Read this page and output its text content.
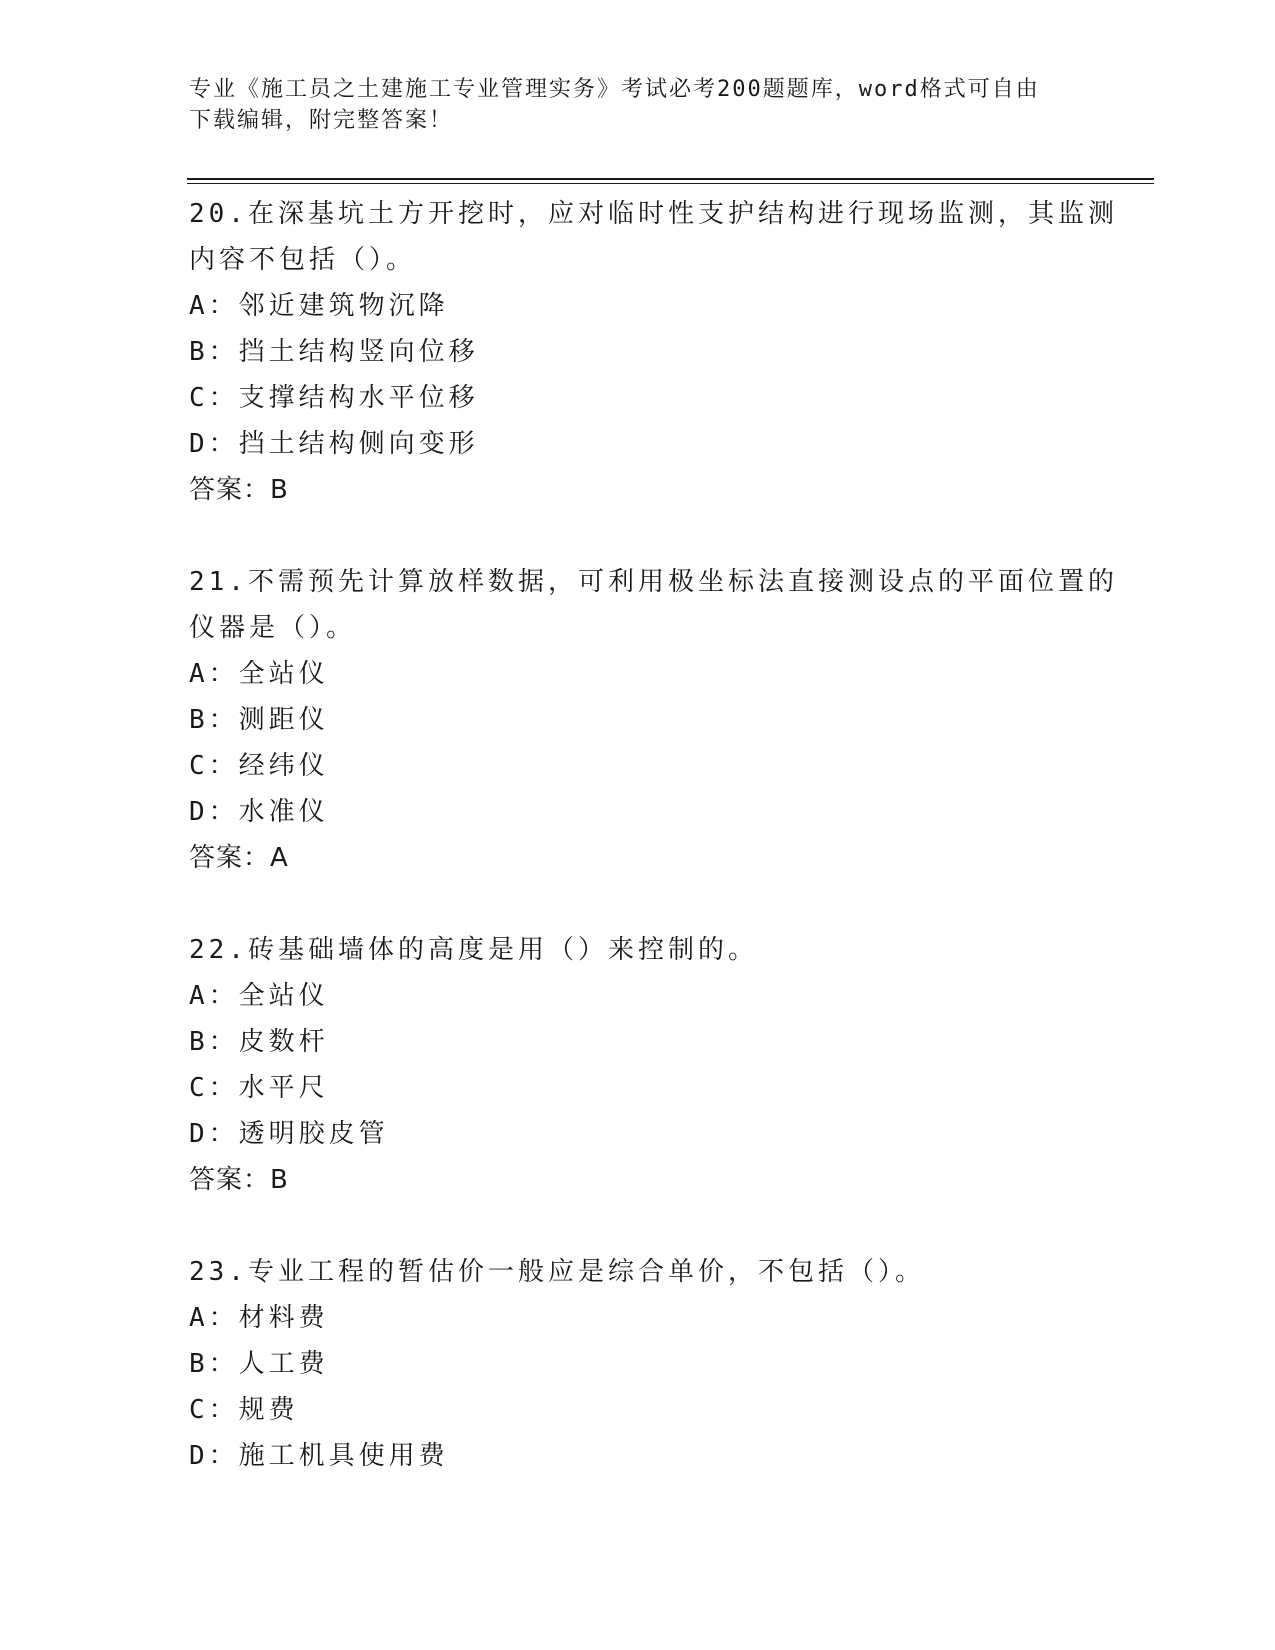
专业《施工员之土建施工专业管理实务》考试必考200题题库，word格式可自由
下载编辑，附完整答案！
20.在深基坑土方开挖时，应对临时性支护结构进行现场监测，其监测
内容不包括（）。
A：邻近建筑物沉降
B：挡土结构竖向位移
C：支撑结构水平位移
D：挡土结构侧向变形
答案：B
21.不需预先计算放样数据，可利用极坐标法直接测设点的平面位置的
仪器是（）。
A：全站仪
B：测距仪
C：经纬仪
D：水准仪
答案：A
22.砖基础墙体的高度是用（）来控制的。
A：全站仪
B：皮数杆
C：水平尺
D：透明胶皮管
答案：B
23.专业工程的暂估价一般应是综合单价，不包括（）。
A：材料费
B：人工费
C：规费
D：施工机具使用费
